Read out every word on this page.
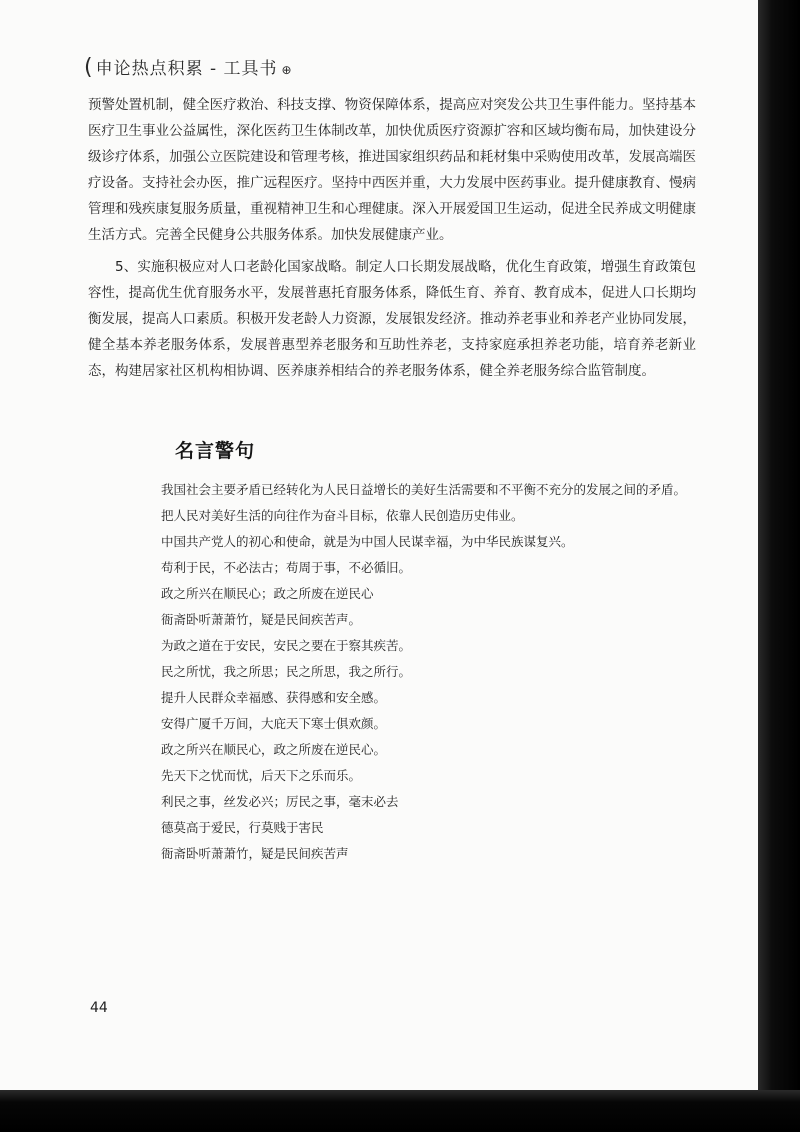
( 申论热点积累 - 工具书 ⊕

预警处置机制，健全医疗救治、科技支撑、物资保障体系，提高应对突发公共卫生事件能力。坚持基本医疗卫生事业公益属性，深化医药卫生体制改革，加快优质医疗资源扩容和区域均衡布局，加快建设分级诊疗体系，加强公立医院建设和管理考核，推进国家组织药品和耗材集中采购使用改革，发展高端医疗设备。支持社会办医，推广远程医疗。坚持中西医并重，大力发展中医药事业。提升健康教育、慢病管理和残疾康复服务质量，重视精神卫生和心理健康。深入开展爱国卫生运动，促进全民养成文明健康生活方式。完善全民健身公共服务体系。加快发展健康产业。

5、实施积极应对人口老龄化国家战略。制定人口长期发展战略，优化生育政策，增强生育政策包容性，提高优生优育服务水平，发展普惠托育服务体系，降低生育、养育、教育成本，促进人口长期均衡发展，提高人口素质。积极开发老龄人力资源，发展银发经济。推动养老事业和养老产业协同发展，健全基本养老服务体系，发展普惠型养老服务和互助性养老，支持家庭承担养老功能，培育养老新业态，构建居家社区机构相协调、医养康养相结合的养老服务体系，健全养老服务综合监管制度。

名言警句
我国社会主要矛盾已经转化为人民日益增长的美好生活需要和不平衡不充分的发展之间的矛盾。
把人民对美好生活的向往作为奋斗目标，依靠人民创造历史伟业。
中国共产党人的初心和使命，就是为中国人民谋幸福，为中华民族谋复兴。
苟利于民，不必法古；苟周于事，不必循旧。
政之所兴在顺民心；政之所废在逆民心
衙斋卧听萧萧竹，疑是民间疾苦声。
为政之道在于安民，安民之要在于察其疾苦。
民之所忧，我之所思；民之所思，我之所行。
提升人民群众幸福感、获得感和安全感。
安得广厦千万间，大庇天下寒士俱欢颜。
政之所兴在顺民心，政之所废在逆民心。
先天下之忧而忧，后天下之乐而乐。
利民之事，丝发必兴；厉民之事，毫末必去
德莫高于爱民，行莫贱于害民
衙斋卧听萧萧竹，疑是民间疾苦声
44
